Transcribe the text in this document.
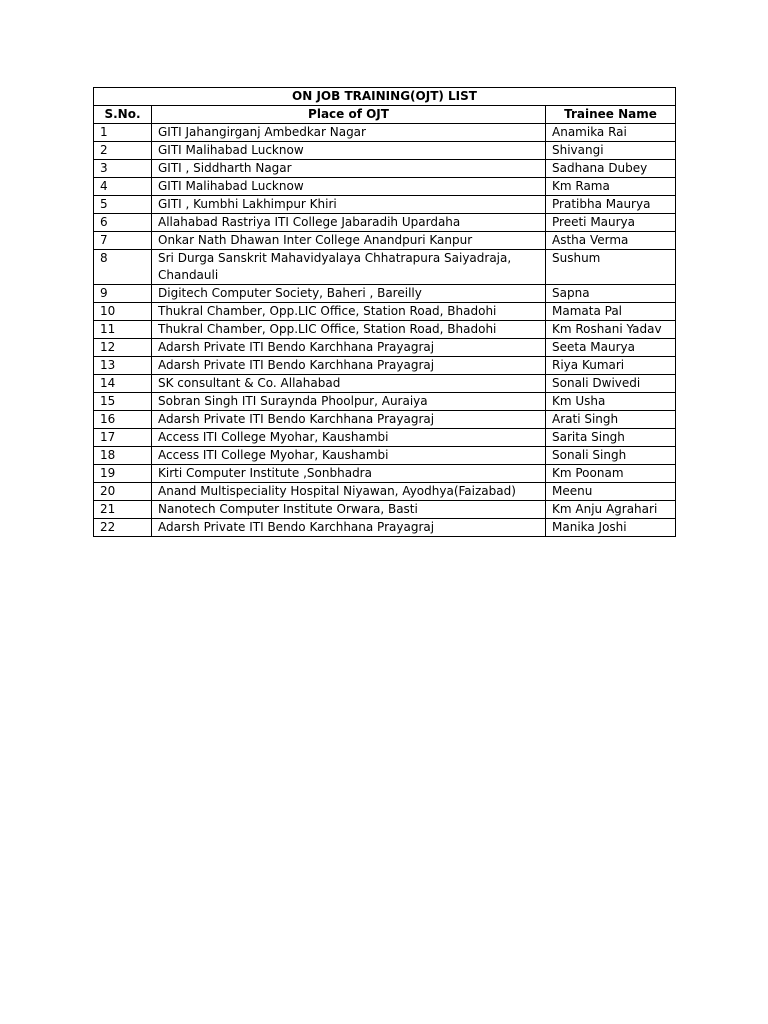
ON JOB TRAINING(OJT) LIST		
S.No.	Place of OJT	Trainee Name
1	GITI Jahangirganj Ambedkar Nagar	Anamika Rai
2	GITI Malihabad Lucknow	Shivangi
3	GITI , Siddharth Nagar	Sadhana Dubey
4	GITI Malihabad Lucknow	Km Rama
5	GITI , Kumbhi Lakhimpur Khiri	Pratibha Maurya
6	Allahabad Rastriya ITI College Jabaradih Upardaha	Preeti Maurya
7	Onkar Nath Dhawan Inter College Anandpuri Kanpur	Astha Verma
8	Sri Durga Sanskrit Mahavidyalaya Chhatrapura Saiyadraja, Chandauli	Sushum
9	Digitech Computer Society, Baheri , Bareilly	Sapna
10	Thukral Chamber, Opp.LIC Office, Station Road, Bhadohi	Mamata Pal
11	Thukral Chamber, Opp.LIC Office, Station Road, Bhadohi	Km Roshani Yadav
12	Adarsh Private ITI Bendo Karchhana Prayagraj	Seeta Maurya
13	Adarsh Private ITI Bendo Karchhana Prayagraj	Riya Kumari
14	SK consultant & Co. Allahabad	Sonali Dwivedi
15	Sobran Singh ITI Suraynda Phoolpur, Auraiya	Km Usha
16	Adarsh Private ITI Bendo Karchhana Prayagraj	Arati Singh
17	Access ITI College Myohar, Kaushambi	Sarita Singh
18	Access ITI College Myohar, Kaushambi	Sonali Singh
19	Kirti Computer Institute ,Sonbhadra	Km Poonam
20	Anand Multispeciality Hospital Niyawan, Ayodhya(Faizabad)	Meenu
21	Nanotech Computer Institute Orwara, Basti	Km Anju Agrahari
22	Adarsh Private ITI Bendo Karchhana Prayagraj	Manika Joshi
